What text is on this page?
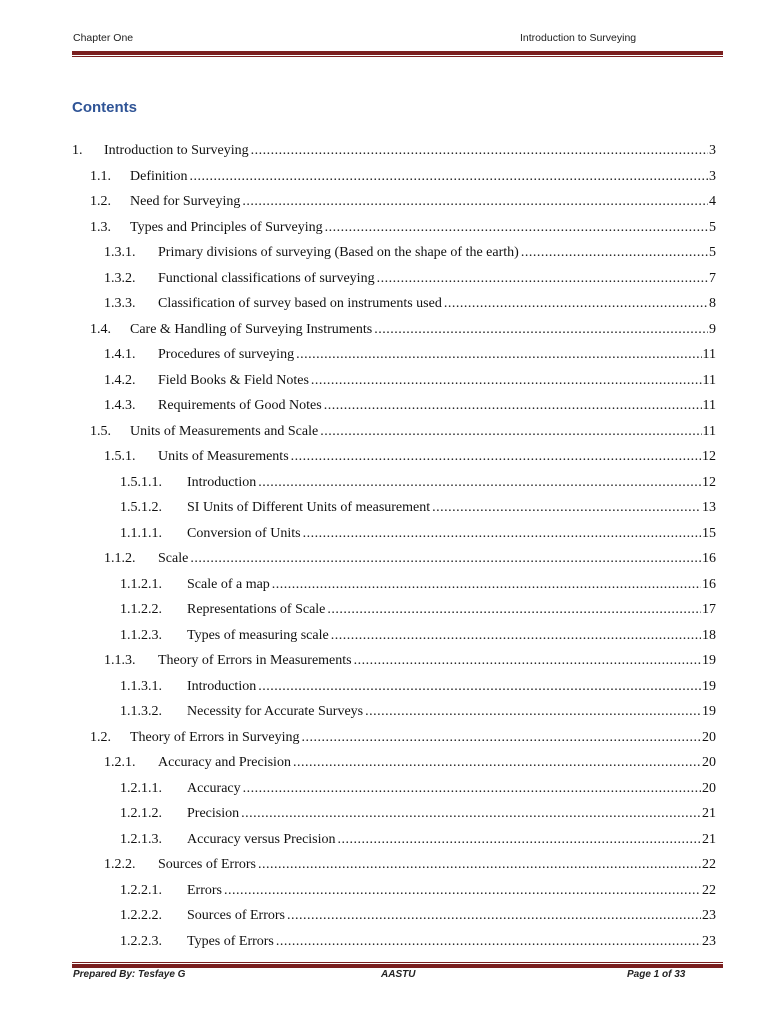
Chapter One	Introduction to Surveying
Contents
1. Introduction to Surveying .....	3
1.1. Definition .....	3
1.2. Need for Surveying .....	4
1.3. Types and Principles of Surveying .....	5
1.3.1. Primary divisions of surveying (Based on the shape of the earth) .....	5
1.3.2. Functional classifications of surveying .....	7
1.3.3. Classification of survey based on instruments used .....	8
1.4. Care & Handling of Surveying Instruments .....	9
1.4.1. Procedures of surveying .....	11
1.4.2. Field Books & Field Notes .....	11
1.4.3. Requirements of Good Notes .....	11
1.5. Units of Measurements and Scale .....	11
1.5.1. Units of Measurements .....	12
1.5.1.1. Introduction .....	12
1.5.1.2. SI Units of Different Units of measurement .....	13
1.1.1.1. Conversion of Units .....	15
1.1.2. Scale .....	16
1.1.2.1. Scale of a map .....	16
1.1.2.2. Representations of Scale .....	17
1.1.2.3. Types of measuring scale .....	18
1.1.3. Theory of Errors in Measurements .....	19
1.1.3.1. Introduction .....	19
1.1.3.2. Necessity for Accurate Surveys .....	19
1.2. Theory of Errors in Surveying .....	20
1.2.1. Accuracy and Precision .....	20
1.2.1.1. Accuracy .....	20
1.2.1.2. Precision .....	21
1.2.1.3. Accuracy versus Precision .....	21
1.2.2. Sources of Errors .....	22
1.2.2.1. Errors .....	22
1.2.2.2. Sources of Errors .....	23
1.2.2.3. Types of Errors .....	23
Prepared By: Tesfaye G	AASTU	Page 1 of 33
